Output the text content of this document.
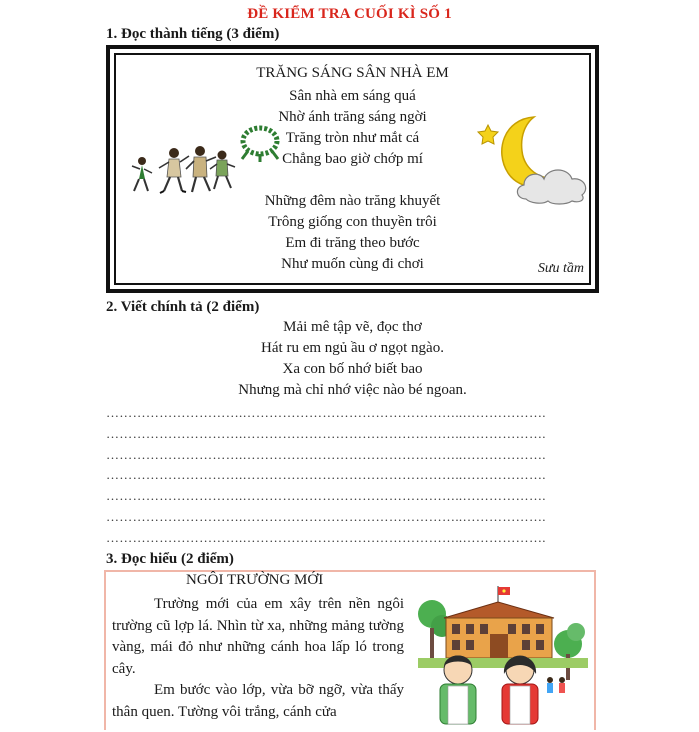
ĐỀ KIỂM TRA CUỐI KÌ SỐ 1
1. Đọc thành tiếng (3 điểm)
TRĂNG SÁNG SÂN NHÀ EM
Sân nhà em sáng quá
Nhờ ánh trăng sáng ngời
Trăng tròn như mắt cá
Chẳng bao giờ chớp mí
Những đêm nào trăng khuyết
Trông giống con thuyền trôi
Em đi trăng theo bước
Như muốn cùng đi chơi	Sưu tầm
2. Viết chính tả (2 điểm)
Mải mê tập vẽ, đọc thơ
Hát ru em ngủ ầu ơ ngọt ngào.
Xa con bố nhớ biết bao
Nhưng mà chỉ nhớ việc nào bé ngoan.
………………………….…………………………………………..……………….
………………………….…………………………………………..……………….
………………………….…………………………………………..……………….
………………………….…………………………………………..……………….
………………………….…………………………………………..……………….
………………………….…………………………………………..……………….
………………………….…………………………………………..……………….
3. Đọc hiểu (2 điểm)
NGÔI TRƯỜNG MỚI

Trường mới của em xây trên nền ngôi trường cũ lợp lá. Nhìn từ xa, những mảng tường vàng, mái đỏ như những cánh hoa lấp ló trong cây.

Em bước vào lớp, vừa bỡ ngỡ, vừa thấy thân quen. Tường vôi trắng, cánh cửa
